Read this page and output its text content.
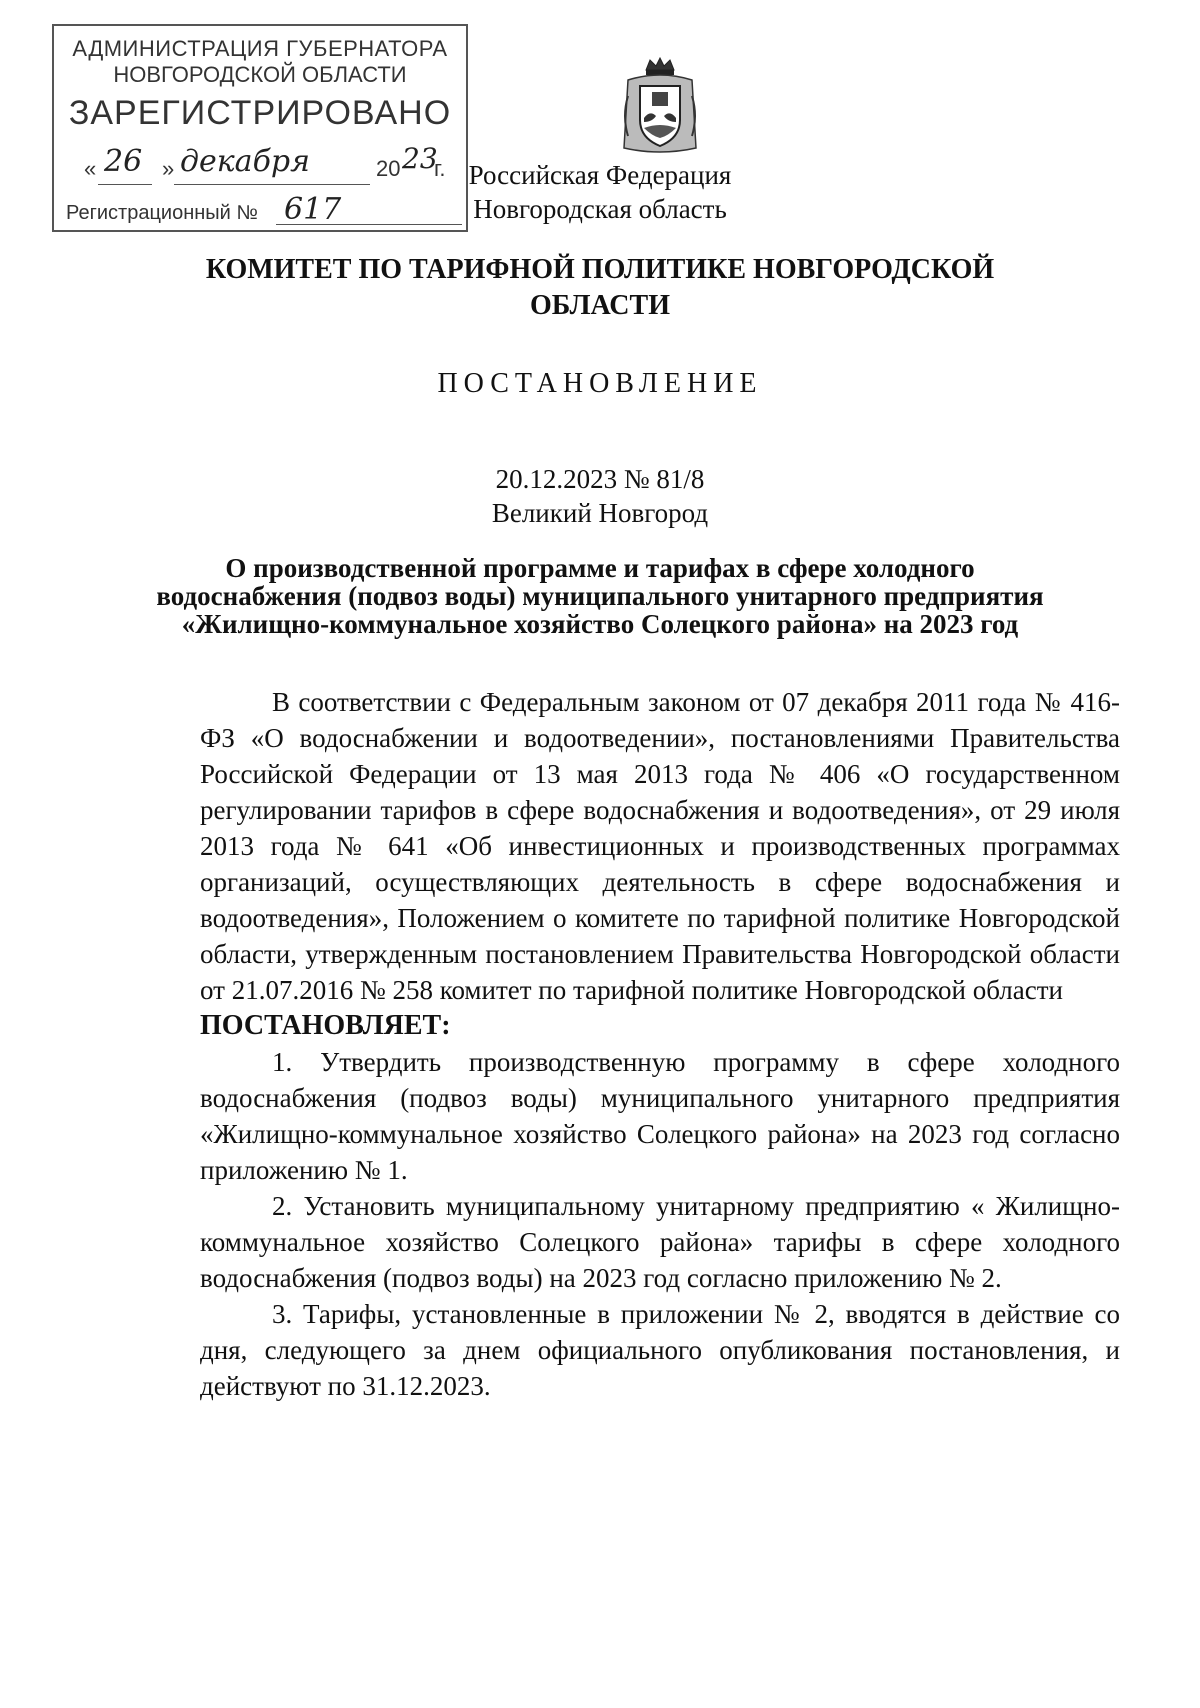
АДМИНИСТРАЦИЯ ГУБЕРНАТОРА
НОВГОРОДСКОЙ ОБЛАСТИ
ЗАРЕГИСТРИРОВАНО
« 26 » декабря	20 23
г.
Регистрационный № 617
Российская Федерация
Новгородская область
КОМИТЕТ ПО ТАРИФНОЙ ПОЛИТИКЕ НОВГОРОДСКОЙ
ОБЛАСТИ
ПОСТАНОВЛЕНИЕ
20.12.2023 № 81/8
Великий Новгород
О производственной программе и тарифах в сфере холодного
водоснабжения (подвоз воды) муниципального унитарного предприятия
«Жилищно-коммунальное хозяйство Солецкого района» на 2023 год

В соответствии с Федеральным законом от 07 декабря 2011 года № 416-ФЗ «О водоснабжении и водоотведении», постановлениями Правительства Российской Федерации от 13 мая 2013 года № 406 «О государственном регулировании тарифов в сфере водоснабжения и водоотведения», от 29 июля 2013 года № 641 «Об инвестиционных и производственных программах организаций, осуществляющих деятельность в сфере водоснабжения и водоотведения», Положением о комитете по тарифной политике Новгородской области, утвержденным постановлением Правительства Новгородской области от 21.07.2016 № 258 комитет по тарифной политике Новгородской области

ПОСТАНОВЛЯЕТ:

1. Утвердить производственную программу в сфере холодного водоснабжения (подвоз воды) муниципального унитарного предприятия «Жилищно-коммунальное хозяйство Солецкого района» на 2023 год согласно приложению № 1.

2. Установить муниципальному унитарному предприятию « Жилищно-коммунальное хозяйство Солецкого района» тарифы в сфере холодного водоснабжения (подвоз воды) на 2023 год согласно приложению № 2.

3. Тарифы, установленные в приложении № 2, вводятся в действие со дня, следующего за днем официального опубликования постановления, и действуют по 31.12.2023.
